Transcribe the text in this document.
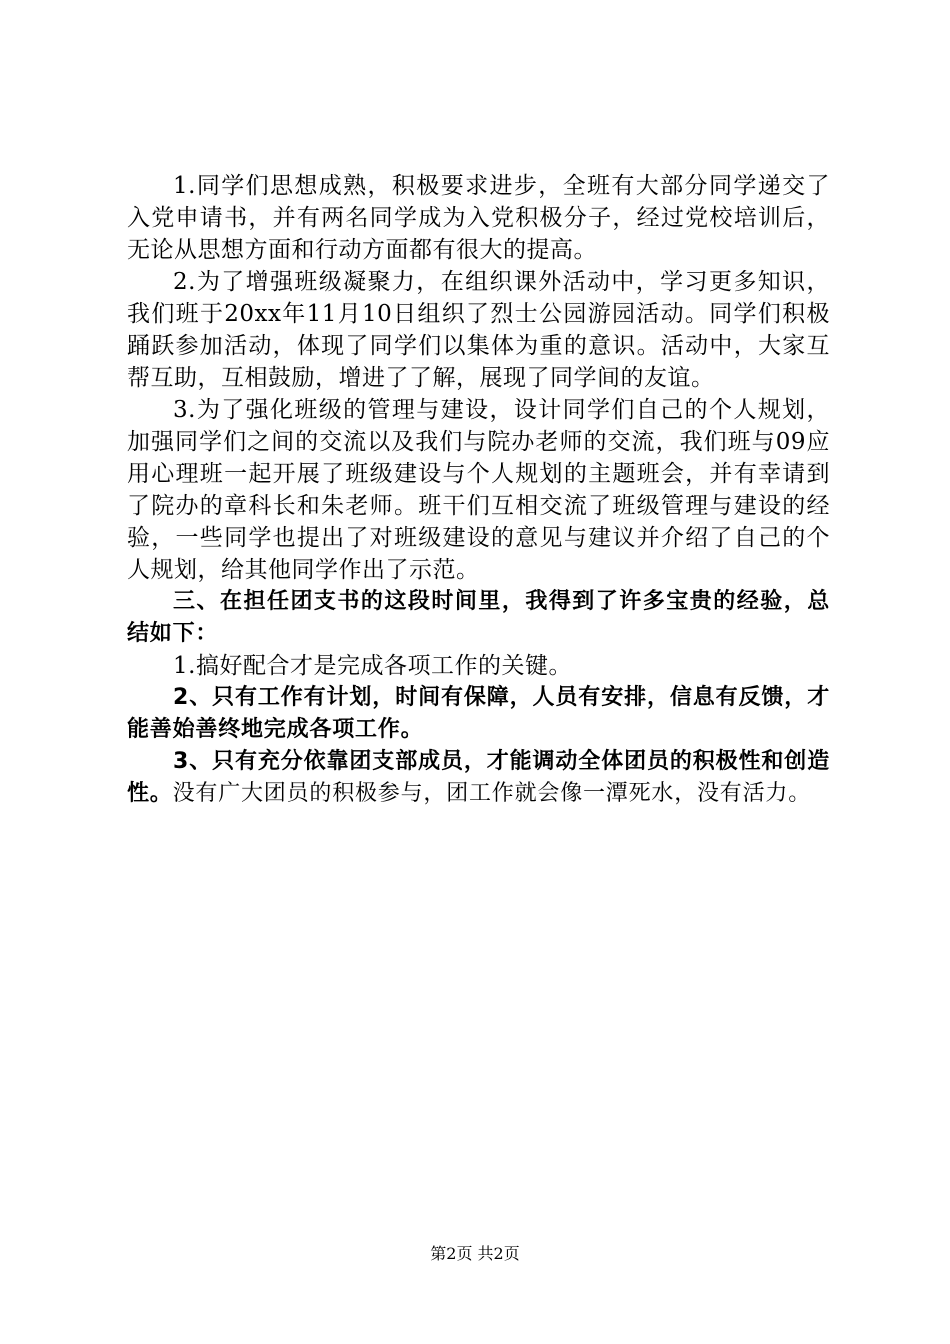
1.同学们思想成熟，积极要求进步，全班有大部分同学递交了入党申请书，并有两名同学成为入党积极分子，经过党校培训后，无论从思想方面和行动方面都有很大的提高。

2.为了增强班级凝聚力，在组织课外活动中，学习更多知识，我们班于20xx年11月10日组织了烈士公园游园活动。同学们积极踊跃参加活动，体现了同学们以集体为重的意识。活动中，大家互帮互助，互相鼓励，增进了了解，展现了同学间的友谊。

3.为了强化班级的管理与建设，设计同学们自己的个人规划，加强同学们之间的交流以及我们与院办老师的交流，我们班与09应用心理班一起开展了班级建设与个人规划的主题班会，并有幸请到了院办的章科长和朱老师。班干们互相交流了班级管理与建设的经验，一些同学也提出了对班级建设的意见与建议并介绍了自己的个人规划，给其他同学作出了示范。

三、在担任团支书的这段时间里，我得到了许多宝贵的经验，总结如下：

1.搞好配合才是完成各项工作的关键。

2、只有工作有计划，时间有保障，人员有安排，信息有反馈，才能善始善终地完成各项工作。

3、只有充分依靠团支部成员，才能调动全体团员的积极性和创造性。没有广大团员的积极参与，团工作就会像一潭死水，没有活力。

第2页 共2页
